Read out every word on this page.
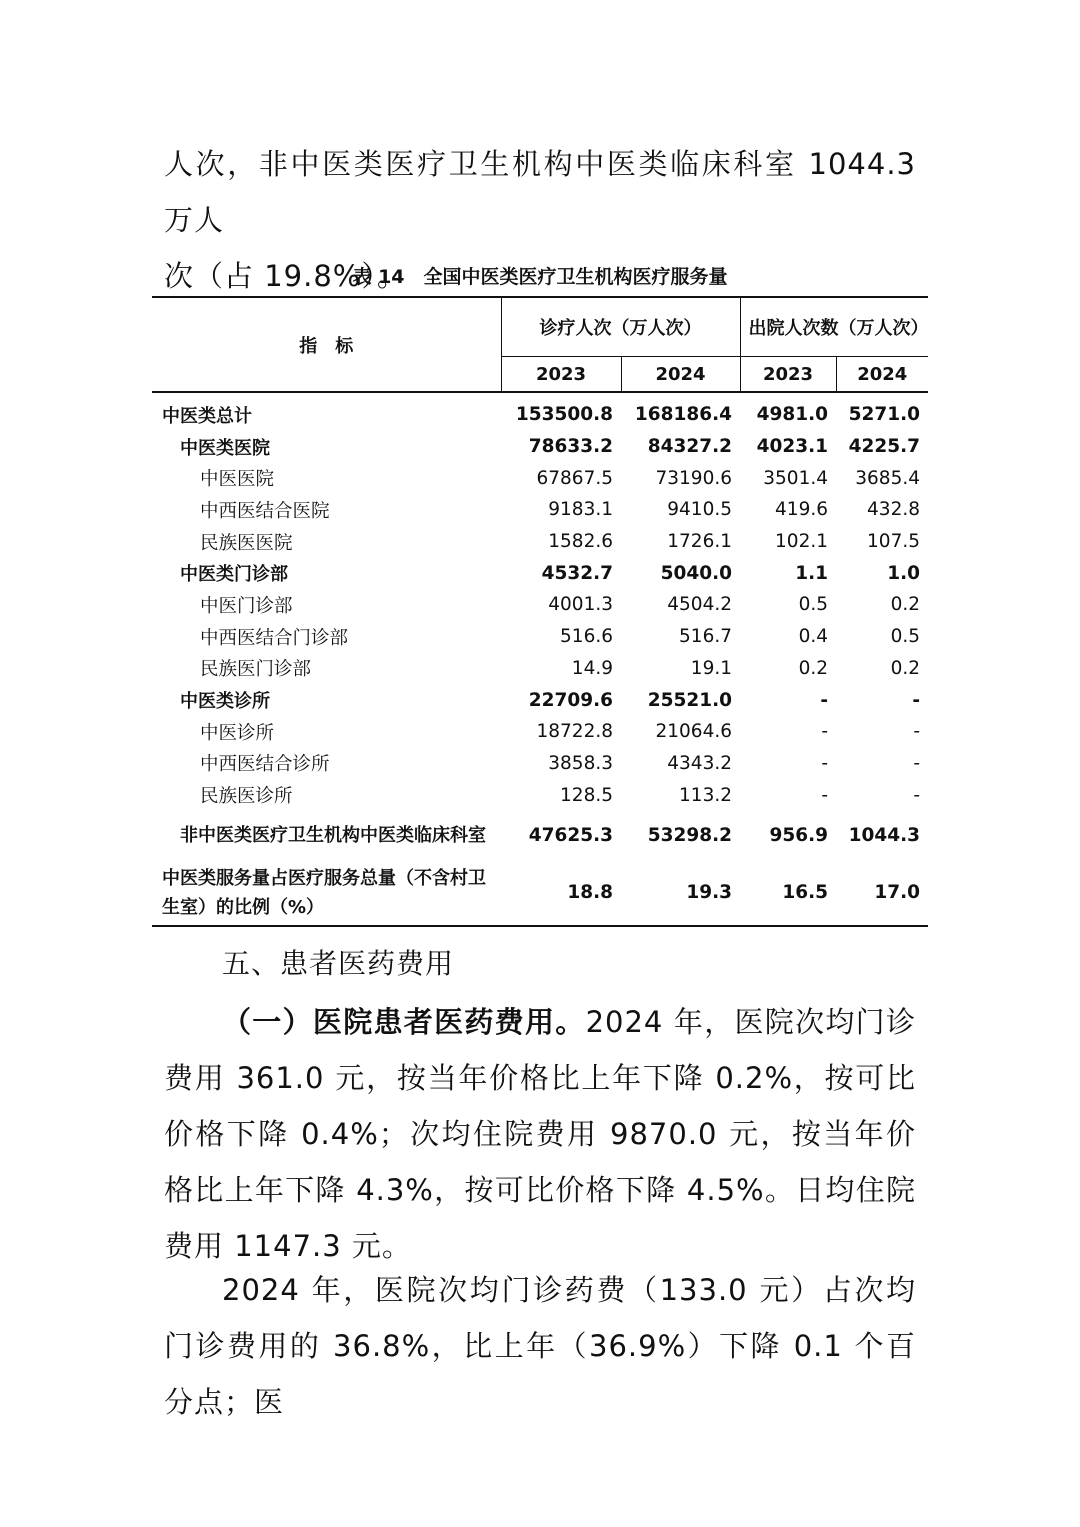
人次，非中医类医疗卫生机构中医类临床科室 1044.3 万人
次（占 19.8%）。

表 14　全国中医类医疗卫生机构医疗服务量
指　标	诊疗人次（万人次）		出院人次数（万人次）	
	2023	2024	2023	2024
中医类总计	153500.8	168186.4	4981.0	5271.0
中医类医院	78633.2	84327.2	4023.1	4225.7
中医医院	67867.5	73190.6	3501.4	3685.4
中西医结合医院	9183.1	9410.5	419.6	432.8
民族医医院	1582.6	1726.1	102.1	107.5
中医类门诊部	4532.7	5040.0	1.1	1.0
中医门诊部	4001.3	4504.2	0.5	0.2
中西医结合门诊部	516.6	516.7	0.4	0.5
民族医门诊部	14.9	19.1	0.2	0.2
中医类诊所	22709.6	25521.0	-	-
中医诊所	18722.8	21064.6	-	-
中西医结合诊所	3858.3	4343.2	-	-
民族医诊所	128.5	113.2	-	-
非中医类医疗卫生机构中医类临床科室	47625.3	53298.2	956.9	1044.3
中医类服务量占医疗服务总量（不含村卫生室）的比例（%）	18.8	19.3	16.5	17.0
五、患者医药费用

（一）医院患者医药费用。2024 年，医院次均门诊费用 361.0 元，按当年价格比上年下降 0.2%，按可比价格下降 0.4%；次均住院费用 9870.0 元，按当年价格比上年下降 4.3%，按可比价格下降 4.5%。日均住院费用 1147.3 元。

2024 年，医院次均门诊药费（133.0 元）占次均门诊费用的 36.8%，比上年（36.9%）下降 0.1 个百分点；医
